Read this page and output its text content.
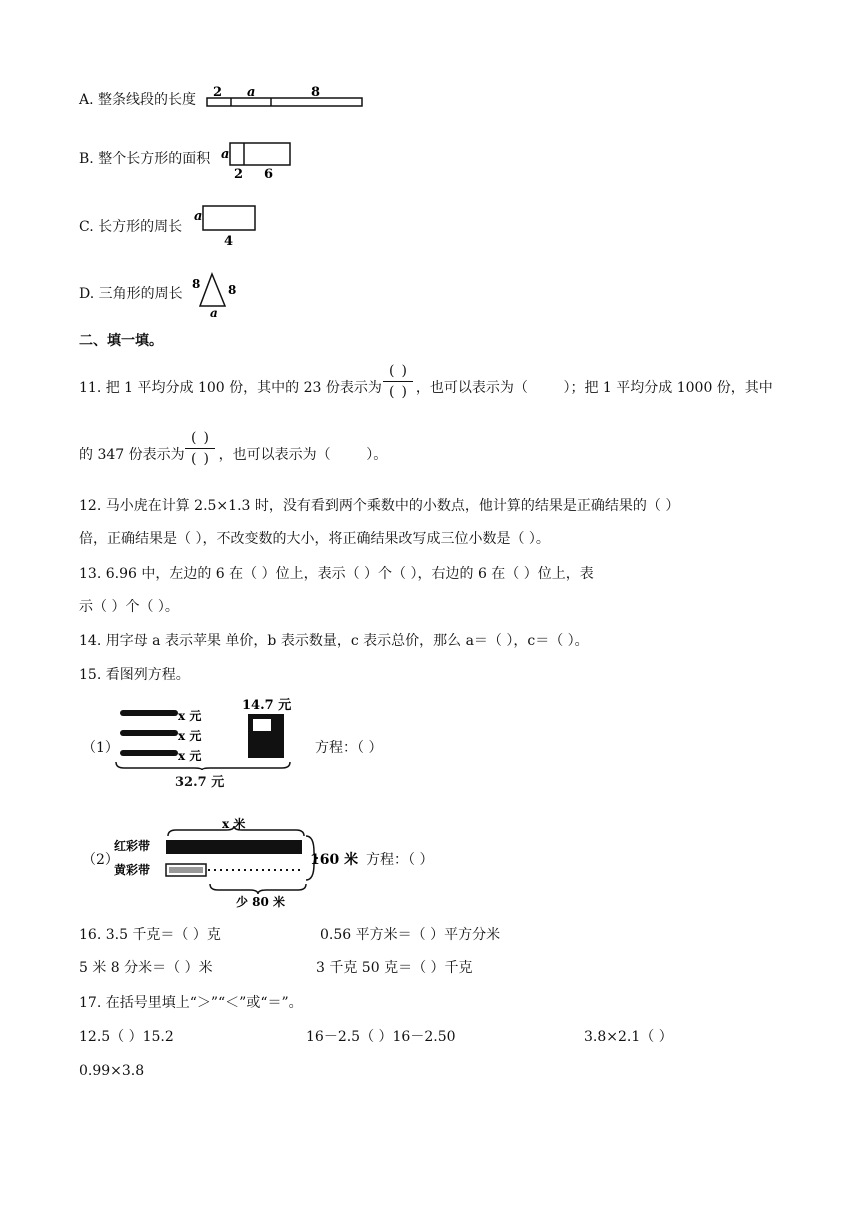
A. 整条线段的长度 2 a	8
B. 整个长方形的面积 a
2 6
C. 长方形的周长
a
4
D. 三角形的周长
8 8
a
二、填一填。
11. 把 1 平均分成 100 份，其中的 23 份表示为 ，也可以表示为（        ）；把 1 平均分成 1000 份，其中
( )
( )
的 347 份表示为 ，也可以表示为（        ）。
( )
( )
12. 马小虎在计算 2.5×1.3 时，没有看到两个乘数中的小数点，他计算的结果是正确结果的（ ）
倍，正确结果是（ ），不改变数的大小，将正确结果改写成三位小数是（ ）。
13. 6.96 中，左边的 6 在（ ）位上，表示（ ）个（ ），右边的 6 在（ ）位上，表
示（ ）个（ ）。
14. 用字母 a 表示苹果 单价，b 表示数量，c 表示总价，那么 a＝（ ），c＝（ ）。
15. 看图列方程。
（1）
x 元
x 元
x 元
14.7 元
32.7 元
方程：（ ）
（2）
x 米
红彩带
黄彩带
160 米
少 80 米
方程：（ ）
16. 3.5 千克＝（ ）克	0.56 平方米＝（ ）平方分米
5 米 8 分米＝（ ）米	3 千克 50 克＝（ ）千克
17. 在括号里填上“＞”“＜”或“＝”。
12.5（ ）15.2	16－2.5（ ）16－2.50	3.8×2.1（ ）
0.99×3.8
